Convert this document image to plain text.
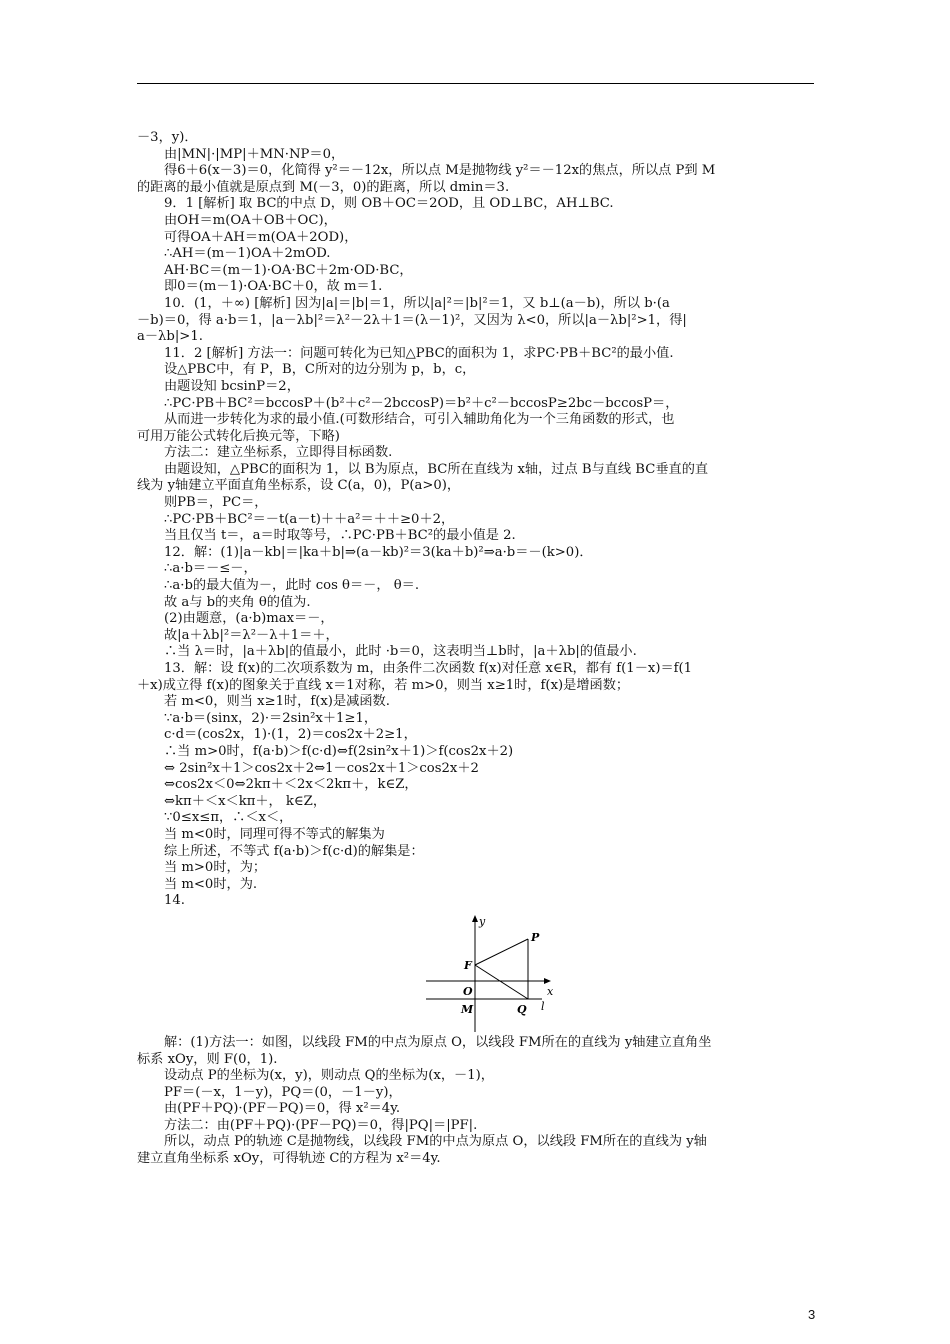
－3，y)．
由|MN|·|MP|＋MN·NP＝0，
得6＋6(x－3)＝0，化简得 y²＝－12x，所以点 M是抛物线 y²＝－12x的焦点，所以点 P到 M
的距离的最小值就是原点到 M(－3，0)的距离，所以 dmin＝3.
9．1 [解析] 取 BC的中点 D，则 OB＋OC＝2OD，且 OD⊥BC，AH⊥BC.
由OH＝m(OA＋OB＋OC)，
可得OA＋AH＝m(OA＋2OD)，
∴AH＝(m－1)OA＋2mOD.
AH·BC＝(m－1)·OA·BC＋2m·OD·BC，
即0＝(m－1)·OA·BC＋0，故 m＝1.
10．(1，＋∞) [解析] 因为|a|＝|b|＝1，所以|a|²＝|b|²＝1，又 b⊥(a－b)，所以 b·(a
－b)＝0，得 a·b＝1，|a－λb|²＝λ²－2λ＋1＝(λ－1)²，又因为 λ<0，所以|a－λb|²>1，得|
a－λb|>1.
11．2 [解析] 方法一：问题可转化为已知△PBC的面积为 1，求PC·PB＋BC²的最小值.
设△PBC中，有 P，B，C所对的边分别为 p，b，c，
由题设知 bcsinP＝2，
∴PC·PB＋BC²＝bccosP＋(b²＋c²－2bccosP)＝b²＋c²－bccosP≥2bc－bccosP＝，
从而进一步转化为求的最小值.(可数形结合，可引入辅助角化为一个三角函数的形式，也
可用万能公式转化后换元等，下略)
方法二：建立坐标系，立即得目标函数.
由题设知，△PBC的面积为 1，以 B为原点，BC所在直线为 x轴，过点 B与直线 BC垂直的直
线为 y轴建立平面直角坐标系，设 C(a，0)，P(a>0)，
则PB＝，PC＝，
∴PC·PB＋BC²＝－t(a－t)＋＋a²＝＋＋≥0＋2，
当且仅当 t＝，a＝时取等号，∴PC·PB＋BC²的最小值是 2.
12．解：(1)|a－kb|＝|ka＋b|⇒(a－kb)²＝3(ka＋b)²⇒a·b＝－(k>0)．
∴a·b＝－≤－，
∴a·b的最大值为－，此时 cos θ＝－， θ＝.
故 a与 b的夹角 θ的值为.
(2)由题意，(a·b)max＝－，
故|a＋λb|²＝λ²－λ＋1＝＋，
∴当 λ＝时，|a＋λb|的值最小，此时 ·b＝0，这表明当⊥b时，|a＋λb|的值最小.
13．解：设 f(x)的二次项系数为 m，由条件二次函数 f(x)对任意 x∈R，都有 f(1－x)＝f(1
＋x)成立得 f(x)的图象关于直线 x＝1对称，若 m>0，则当 x≥1时，f(x)是增函数；
若 m<0，则当 x≥1时，f(x)是减函数.
∵a·b＝(sinx，2)·＝2sin²x＋1≥1，
c·d＝(cos2x，1)·(1，2)＝cos2x＋2≥1，
∴当 m>0时，f(a·b)＞f(c·d)⇔f(2sin²x＋1)＞f(cos2x＋2)
⇔ 2sin²x＋1＞cos2x＋2⇔1－cos2x＋1＞cos2x＋2
⇔cos2x＜0⇔2kπ＋＜2x＜2kπ＋，k∈Z，
⇔kπ＋＜x＜kπ＋， k∈Z，
∵0≤x≤π，∴＜x＜，
当 m<0时，同理可得不等式的解集为
综上所述，不等式 f(a·b)＞f(c·d)的解集是：
当 m>0时，为；
当 m<0时，为.
14.
y
x
P
F
O
M	Q l
解：(1)方法一：如图，以线段 FM的中点为原点 O，以线段 FM所在的直线为 y轴建立直角坐
标系 xOy，则 F(0，1).
设动点 P的坐标为(x，y)，则动点 Q的坐标为(x，－1)，
PF＝(－x，1－y)，PQ＝(0，－1－y)，
由(PF＋PQ)·(PF－PQ)＝0，得 x²＝4y.
方法二：由(PF＋PQ)·(PF－PQ)＝0，得|PQ|＝|PF|.
所以，动点 P的轨迹 C是抛物线，以线段 FM的中点为原点 O，以线段 FM所在的直线为 y轴
建立直角坐标系 xOy，可得轨迹 C的方程为 x²＝4y.
3
